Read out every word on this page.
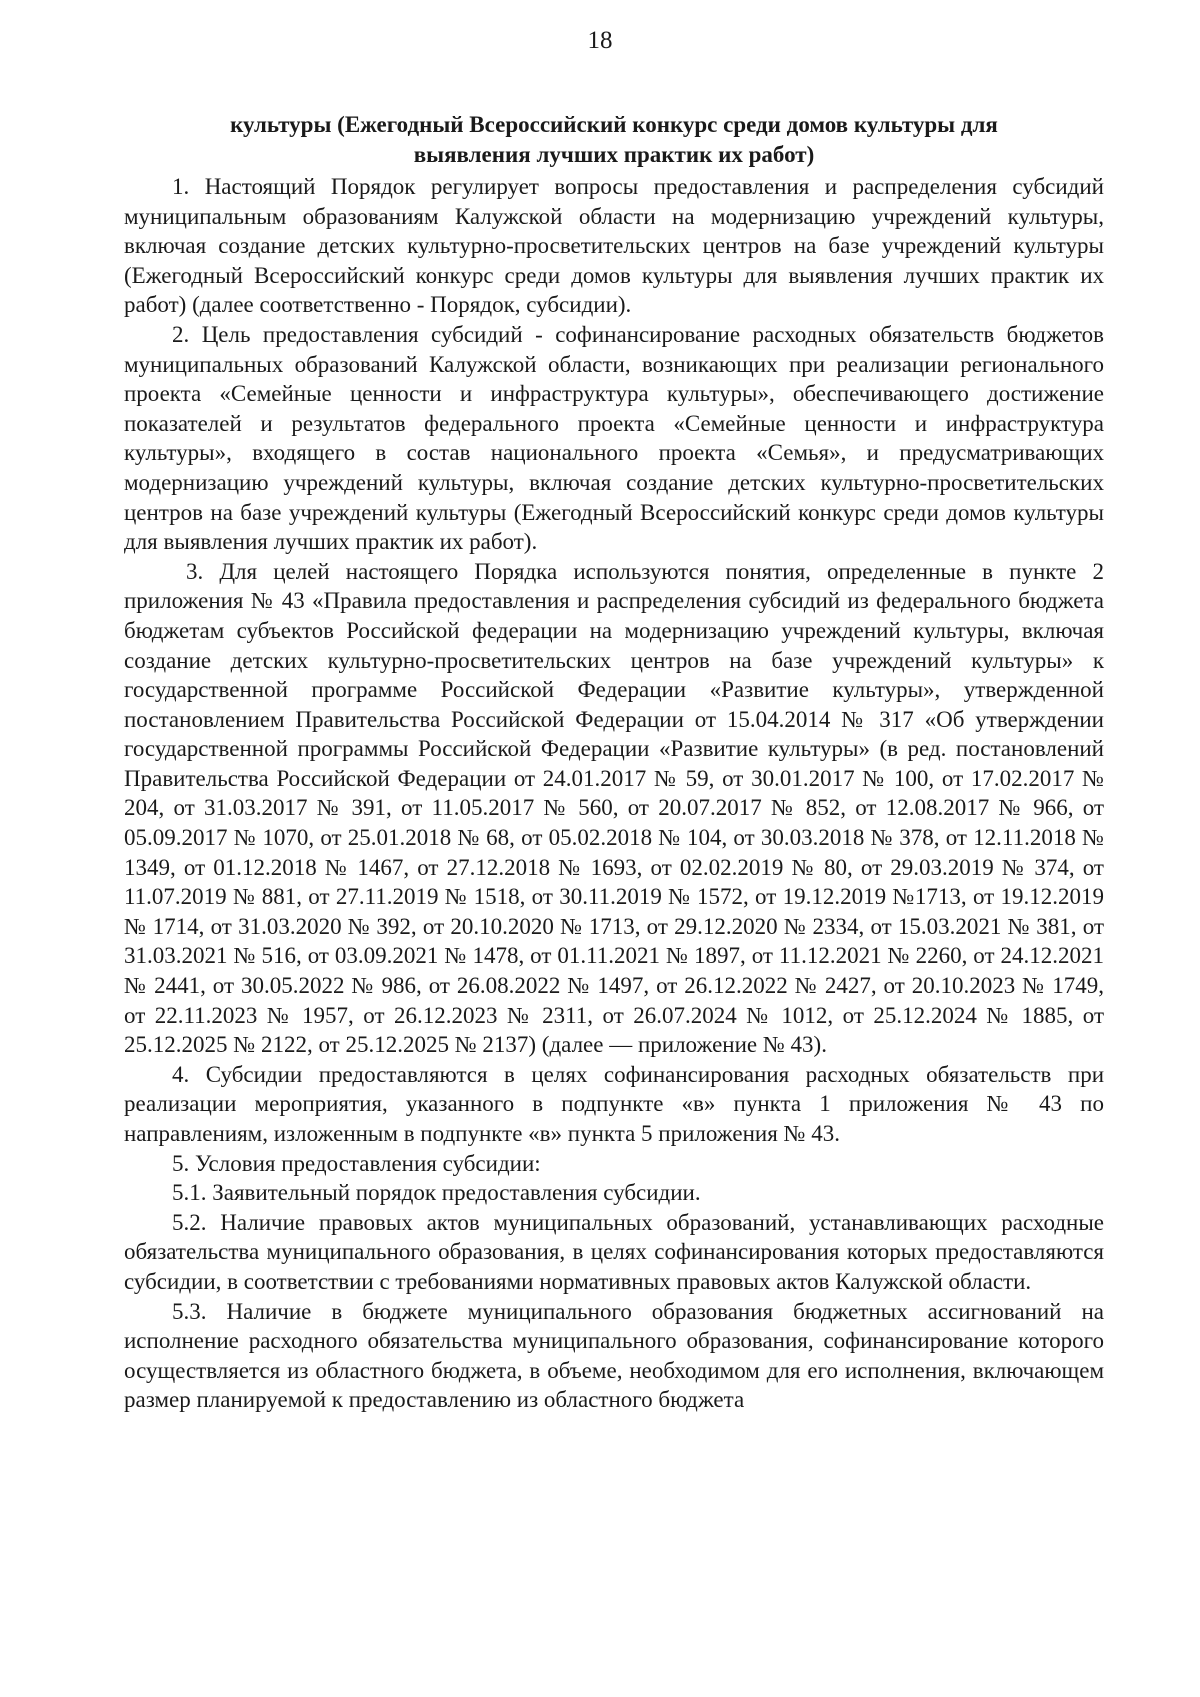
18
культуры (Ежегодный Всероссийский конкурс среди домов культуры для выявления лучших практик их работ)

1. Настоящий Порядок регулирует вопросы предоставления и распределения субсидий муниципальным образованиям Калужской области на модернизацию учреждений культуры, включая создание детских культурно-просветительских центров на базе учреждений культуры (Ежегодный Всероссийский конкурс среди домов культуры для выявления лучших практик их работ) (далее соответственно - Порядок, субсидии).

2. Цель предоставления субсидий - софинансирование расходных обязательств бюджетов муниципальных образований Калужской области, возникающих при реализации регионального проекта «Семейные ценности и инфраструктура культуры», обеспечивающего достижение показателей и результатов федерального проекта «Семейные ценности и инфраструктура культуры», входящего в состав национального проекта «Семья», и предусматривающих модернизацию учреждений культуры, включая создание детских культурно-просветительских центров на базе учреждений культуры (Ежегодный Всероссийский конкурс среди домов культуры для выявления лучших практик их работ).

3. Для целей настоящего Порядка используются понятия, определенные в пункте 2 приложения № 43 «Правила предоставления и распределения субсидий из федерального бюджета бюджетам субъектов Российской федерации на модернизацию учреждений культуры, включая создание детских культурно-просветительских центров на базе учреждений культуры» к государственной программе Российской Федерации «Развитие культуры», утвержденной постановлением Правительства Российской Федерации от 15.04.2014 № 317 «Об утверждении государственной программы Российской Федерации «Развитие культуры» (в ред. постановлений Правительства Российской Федерации от 24.01.2017 № 59, от 30.01.2017 № 100, от 17.02.2017 № 204, от 31.03.2017 № 391, от 11.05.2017 № 560, от 20.07.2017 № 852, от 12.08.2017 № 966, от 05.09.2017 № 1070, от 25.01.2018 № 68, от 05.02.2018 № 104, от 30.03.2018 № 378, от 12.11.2018 № 1349, от 01.12.2018 № 1467, от 27.12.2018 № 1693, от 02.02.2019 № 80, от 29.03.2019 № 374, от 11.07.2019 № 881, от 27.11.2019 № 1518, от 30.11.2019 № 1572, от 19.12.2019 №1713, от 19.12.2019 № 1714, от 31.03.2020 № 392, от 20.10.2020 № 1713, от 29.12.2020 № 2334, от 15.03.2021 № 381, от 31.03.2021 № 516, от 03.09.2021 № 1478, от 01.11.2021 № 1897, от 11.12.2021 № 2260, от 24.12.2021 № 2441, от 30.05.2022 № 986, от 26.08.2022 № 1497, от 26.12.2022 № 2427, от 20.10.2023 № 1749, от 22.11.2023 № 1957, от 26.12.2023 № 2311, от 26.07.2024 № 1012, от 25.12.2024 № 1885, от 25.12.2025 № 2122, от 25.12.2025 № 2137) (далее — приложение № 43).

4. Субсидии предоставляются в целях софинансирования расходных обязательств при реализации мероприятия, указанного в подпункте «в» пункта 1 приложения № 43 по направлениям, изложенным в подпункте «в» пункта 5 приложения № 43.

5. Условия предоставления субсидии:

5.1. Заявительный порядок предоставления субсидии.

5.2. Наличие правовых актов муниципальных образований, устанавливающих расходные обязательства муниципального образования, в целях софинансирования которых предоставляются субсидии, в соответствии с требованиями нормативных правовых актов Калужской области.

5.3. Наличие в бюджете муниципального образования бюджетных ассигнований на исполнение расходного обязательства муниципального образования, софинансирование которого осуществляется из областного бюджета, в объеме, необходимом для его исполнения, включающем размер планируемой к предоставлению из областного бюджета
